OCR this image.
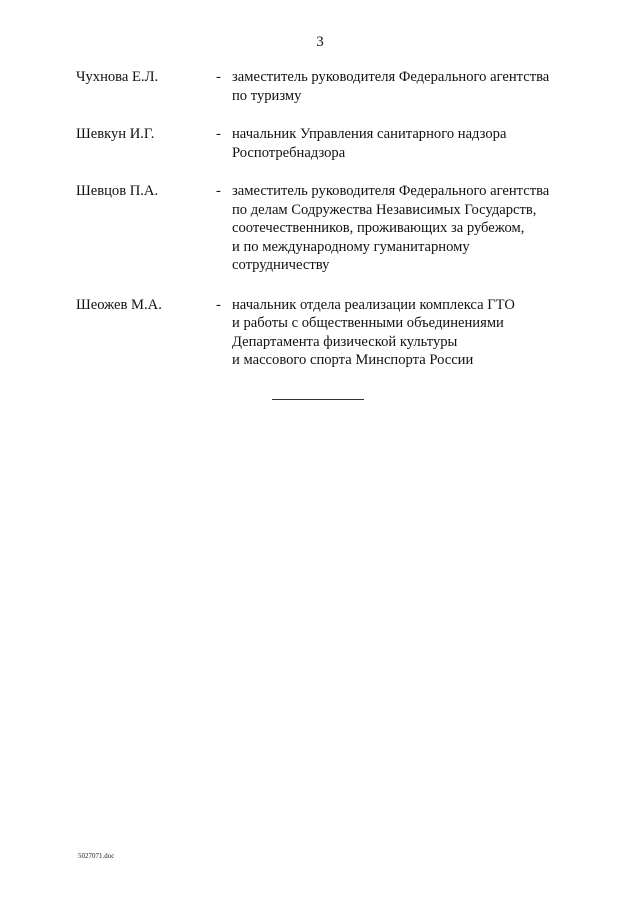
3
Чухнова Е.Л.	- заместитель руководителя Федерального агентства
по туризму
Шевкун И.Г.	- начальник Управления санитарного надзора
Роспотребнадзора
Шевцов П.А.	- заместитель руководителя Федерального агентства
по делам Содружества Независимых Государств,
соотечественников, проживающих за рубежом,
и по международному гуманитарному
сотрудничеству
Шеожев М.А.	- начальник отдела реализации комплекса ГТО
и работы с общественными объединениями
Департамента физической культуры
и массового спорта Минспорта России
5027071.doc
